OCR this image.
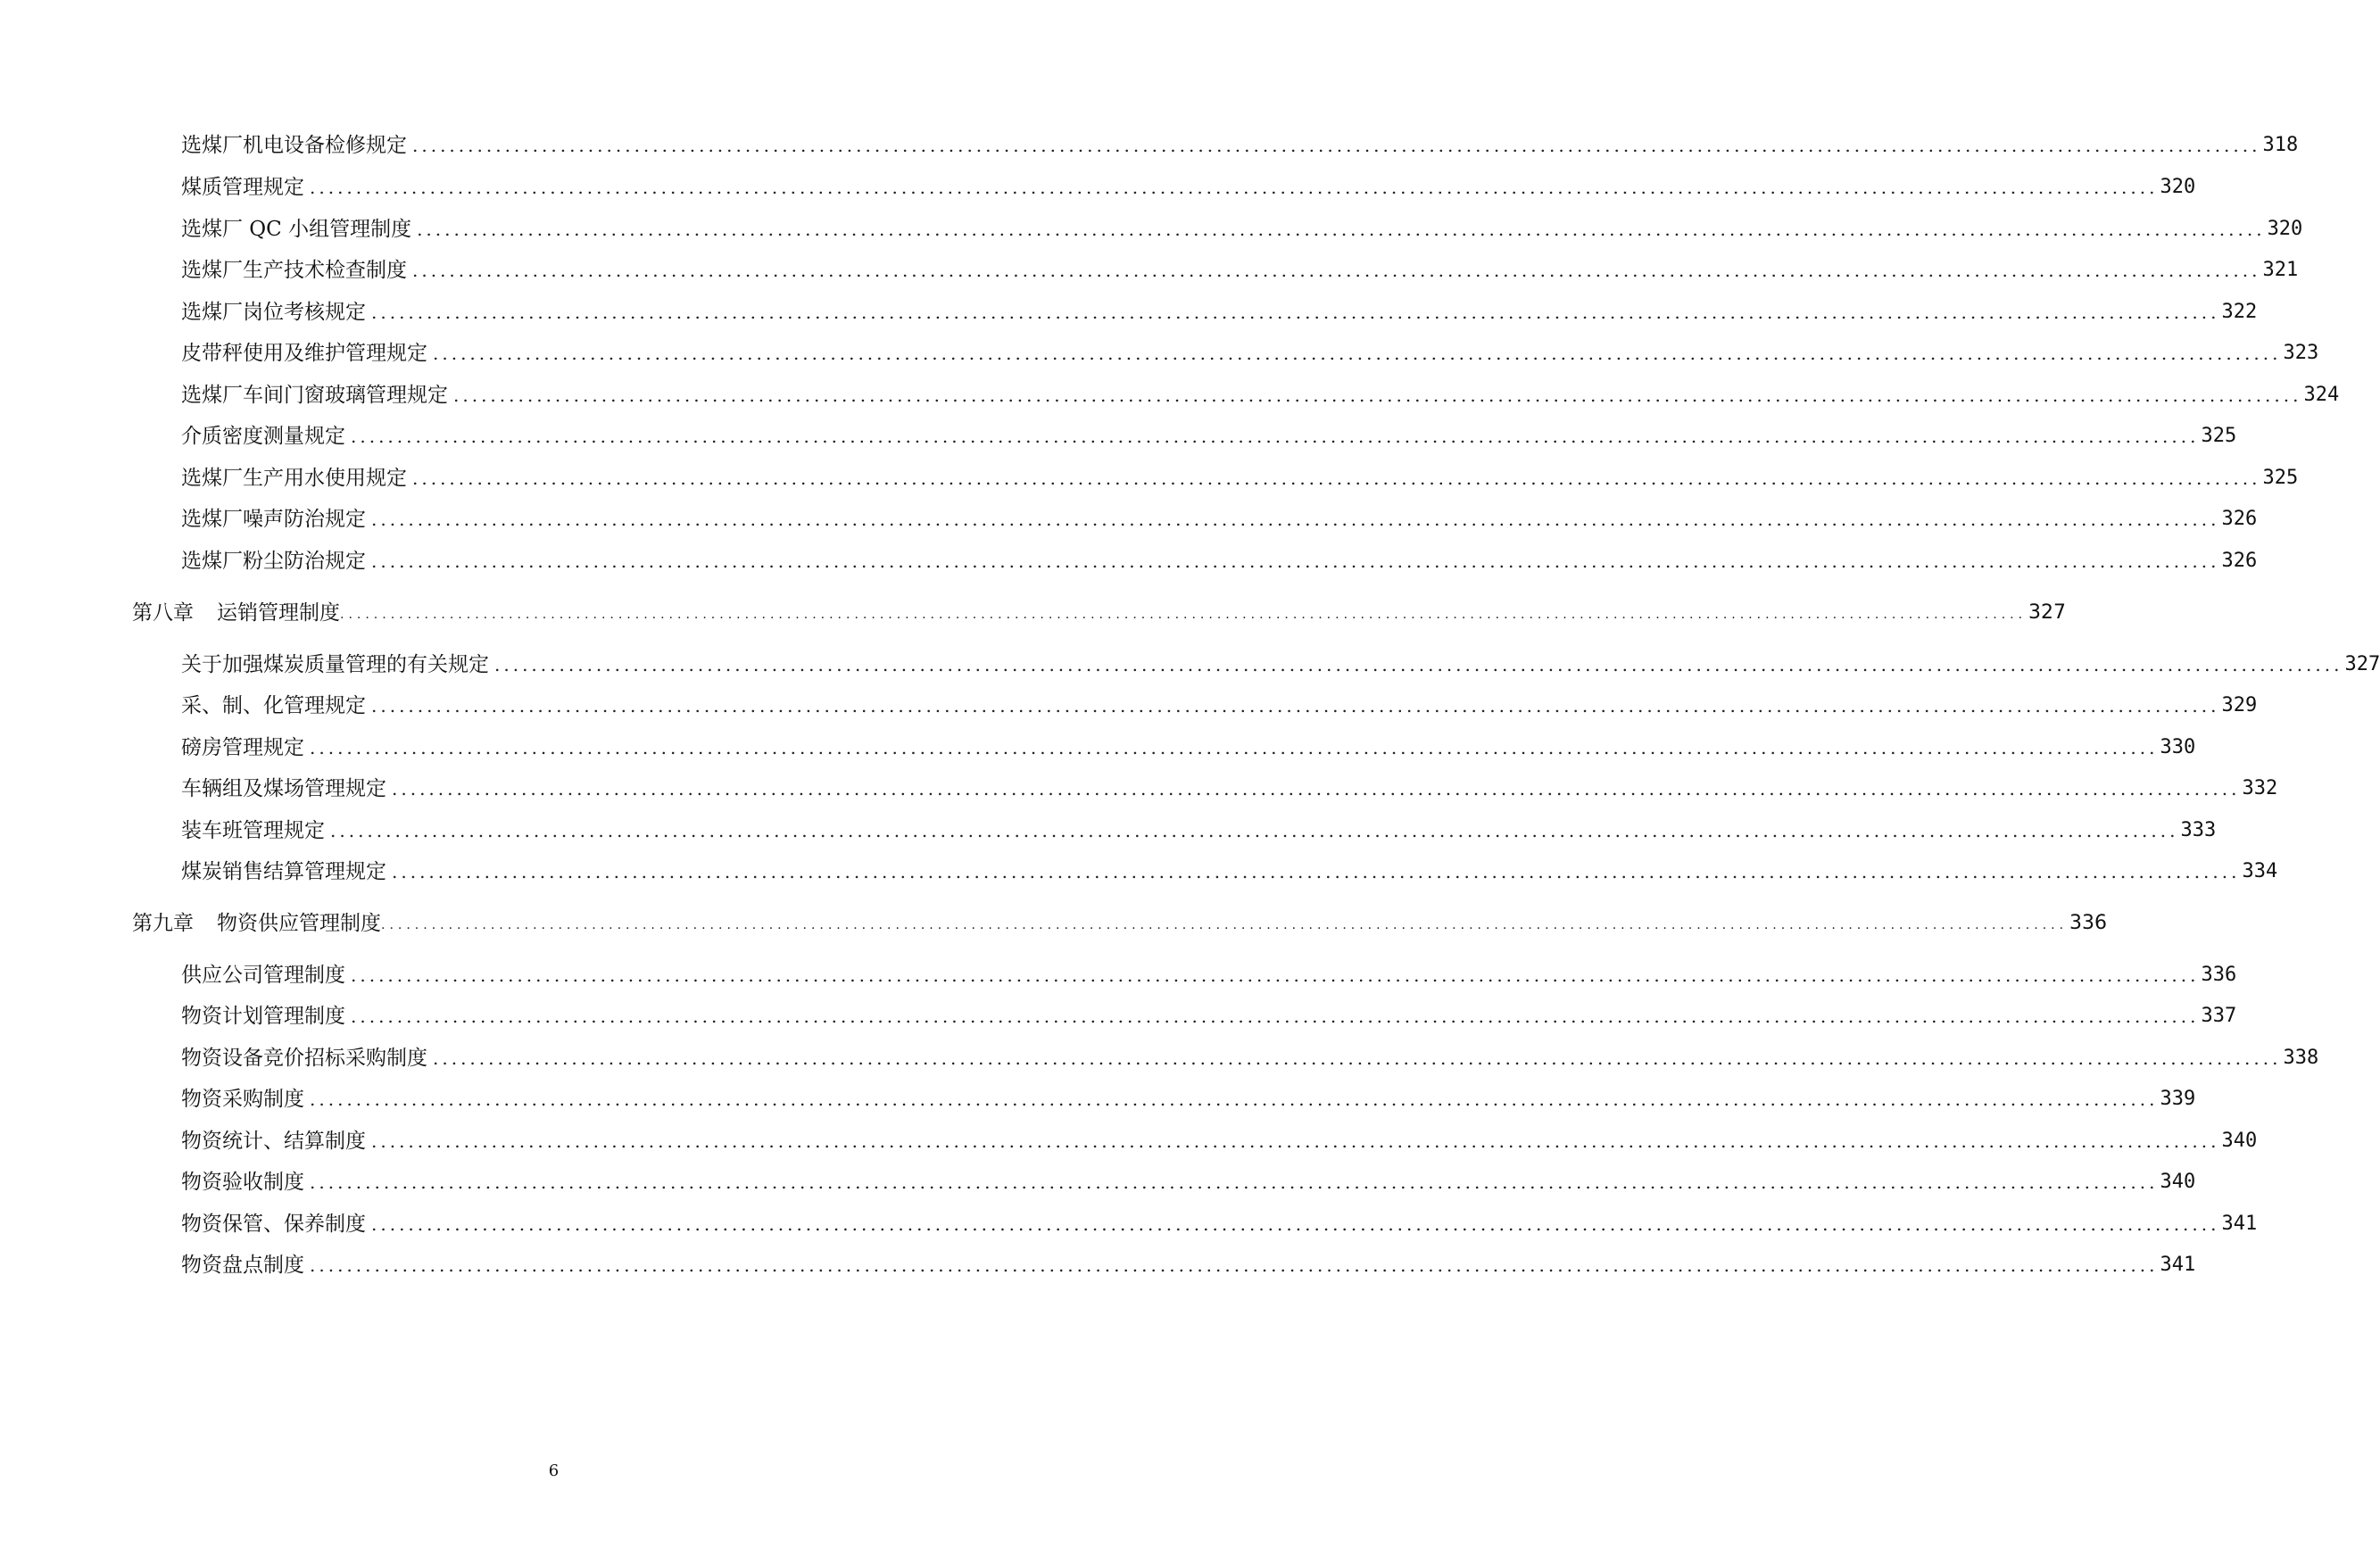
选煤厂机电设备检修规定 ........................................................................................................................................................................................................ 318
煤质管理规定 ........................................................................................................................................................................................................ 320
选煤厂 QC 小组管理制度 ........................................................................................................................................................................................................ 320
选煤厂生产技术检查制度 ........................................................................................................................................................................................................ 321
选煤厂岗位考核规定 ........................................................................................................................................................................................................ 322
皮带秤使用及维护管理规定 ........................................................................................................................................................................................................ 323
选煤厂车间门窗玻璃管理规定 ........................................................................................................................................................................................................ 324
介质密度测量规定 ........................................................................................................................................................................................................ 325
选煤厂生产用水使用规定 ........................................................................................................................................................................................................ 325
选煤厂噪声防治规定 ........................................................................................................................................................................................................ 326
选煤厂粉尘防治规定 ........................................................................................................................................................................................................ 326
第八章 运销管理制度 ........................................................................................................................................................................................................ 327
关于加强煤炭质量管理的有关规定 ........................................................................................................................................................................................................ 327
采、制、化管理规定 ........................................................................................................................................................................................................ 329
磅房管理规定 ........................................................................................................................................................................................................ 330
车辆组及煤场管理规定 ........................................................................................................................................................................................................ 332
装车班管理规定 ........................................................................................................................................................................................................ 333
煤炭销售结算管理规定 ........................................................................................................................................................................................................ 334
第九章 物资供应管理制度 ........................................................................................................................................................................................................ 336
供应公司管理制度 ........................................................................................................................................................................................................ 336
物资计划管理制度 ........................................................................................................................................................................................................ 337
物资设备竞价招标采购制度 ........................................................................................................................................................................................................ 338
物资采购制度 ........................................................................................................................................................................................................ 339
物资统计、结算制度 ........................................................................................................................................................................................................ 340
物资验收制度 ........................................................................................................................................................................................................ 340
物资保管、保养制度 ........................................................................................................................................................................................................ 341
物资盘点制度 ........................................................................................................................................................................................................ 341
6
